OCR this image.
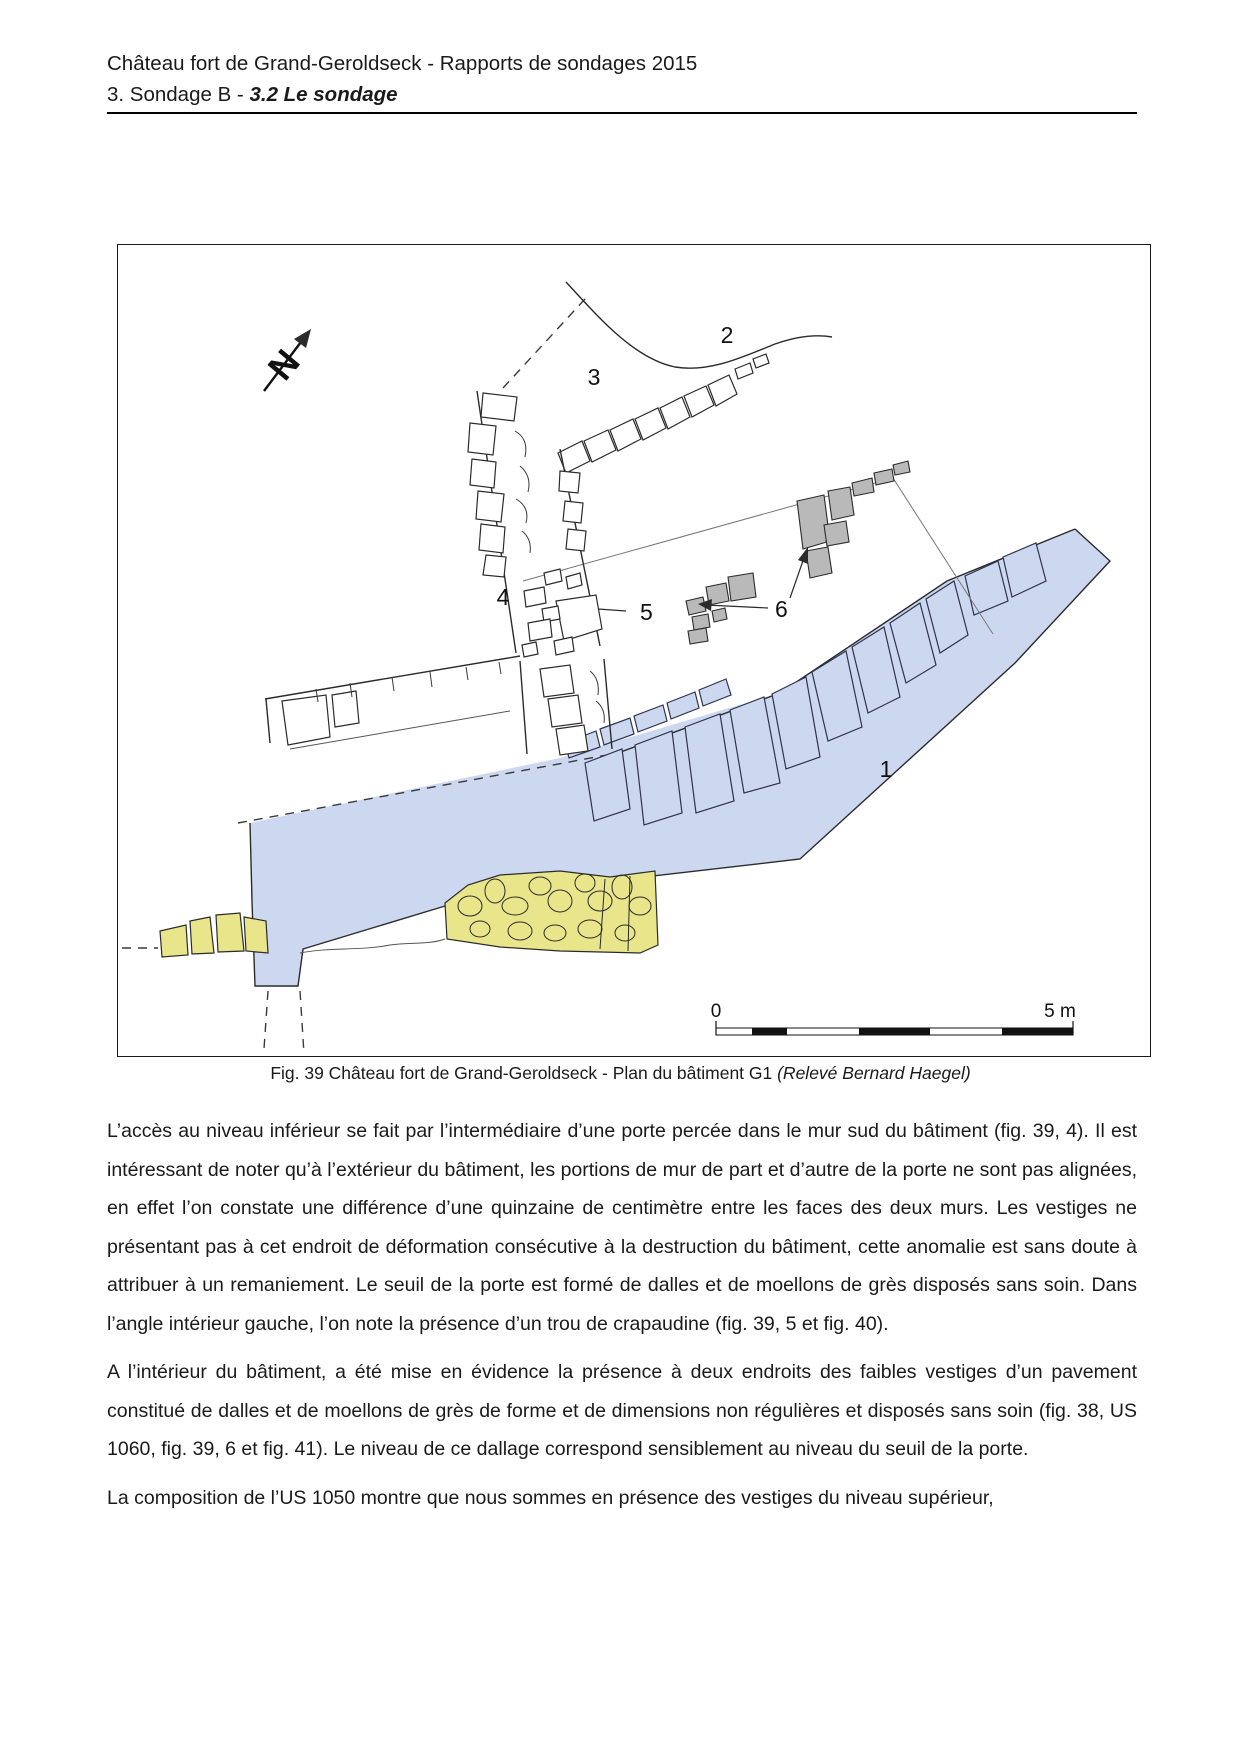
Château fort de Grand-Geroldseck - Rapports de sondages 2015
3. Sondage B - 3.2 Le sondage
N
1
2
3
4
5	6
0	5 m
Fig. 39 Château fort de Grand-Geroldseck - Plan du bâtiment G1 (Relevé Bernard Haegel)

L’accès au niveau inférieur se fait par l’intermédiaire d’une porte percée dans le mur sud du bâtiment (fig. 39, 4). Il est intéressant de noter qu’à l’extérieur du bâtiment, les portions de mur de part et d’autre de la porte ne sont pas alignées, en effet l’on constate une différence d’une quinzaine de centimètre entre les faces des deux murs. Les vestiges ne présentant pas à cet endroit de déformation consécutive à la destruction du bâtiment, cette anomalie est sans doute à attribuer à un remaniement. Le seuil de la porte est formé de dalles et de moellons de grès disposés sans soin. Dans l’angle intérieur gauche, l’on note la présence d’un trou de crapaudine (fig. 39, 5 et fig. 40).

A l’intérieur du bâtiment, a été mise en évidence la présence à deux endroits des faibles vestiges d’un pavement constitué de dalles et de moellons de grès de forme et de dimensions non régulières et disposés sans soin (fig. 38, US 1060, fig. 39, 6 et fig. 41). Le niveau de ce dallage correspond sensiblement au niveau du seuil de la porte.

La composition de l’US 1050 montre que nous sommes en présence des vestiges du niveau supérieur,
